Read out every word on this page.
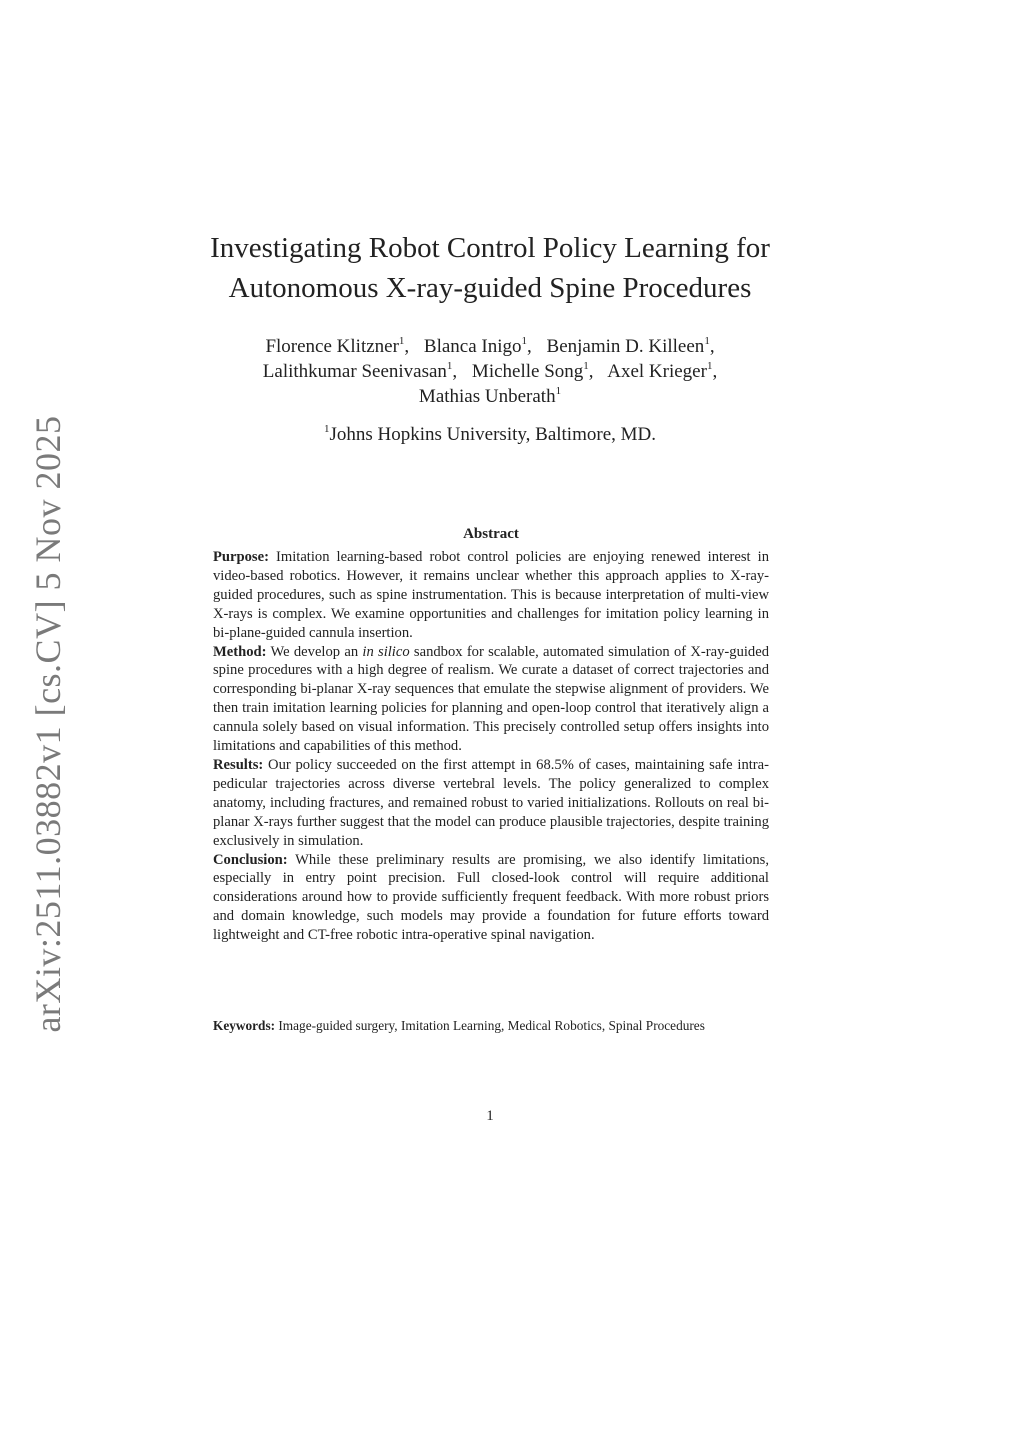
arXiv:2511.03882v1 [cs.CV] 5 Nov 2025
Investigating Robot Control Policy Learning for
Autonomous X-ray-guided Spine Procedures
Florence Klitzner$^1$, Blanca Inigo$^1$, Benjamin D. Killeen$^1$,
Lalithkumar Seenivasan$^1$, Michelle Song$^1$, Axel Krieger$^1$,
Mathias Unberath$^1$
$^1$Johns Hopkins University, Baltimore, MD.
Abstract

Purpose: Imitation learning-based robot control policies are enjoying renewed interest in video-based robotics. However, it remains unclear whether this approach applies to X-ray-guided procedures, such as spine instrumentation. This is because interpretation of multi-view X-rays is complex. We examine opportunities and challenges for imitation policy learning in bi-plane-guided cannula insertion.

Method: We develop an in silico sandbox for scalable, automated simulation of X-ray-guided spine procedures with a high degree of realism. We curate a dataset of correct trajectories and corresponding bi-planar X-ray sequences that emulate the stepwise alignment of providers. We then train imitation learning policies for planning and open-loop control that iteratively align a cannula solely based on visual information. This precisely controlled setup offers insights into limitations and capabilities of this method.

Results: Our policy succeeded on the first attempt in 68.5% of cases, maintaining safe intra-pedicular trajectories across diverse vertebral levels. The policy generalized to complex anatomy, including fractures, and remained robust to varied initializations. Rollouts on real bi-planar X-rays further suggest that the model can produce plausible trajectories, despite training exclusively in simulation.

Conclusion: While these preliminary results are promising, we also identify limitations, especially in entry point precision. Full closed-look control will require additional considerations around how to provide sufficiently frequent feedback. With more robust priors and domain knowledge, such models may provide a foundation for future efforts toward lightweight and CT-free robotic intra-operative spinal navigation.

Keywords: Image-guided surgery, Imitation Learning, Medical Robotics, Spinal Procedures
1
